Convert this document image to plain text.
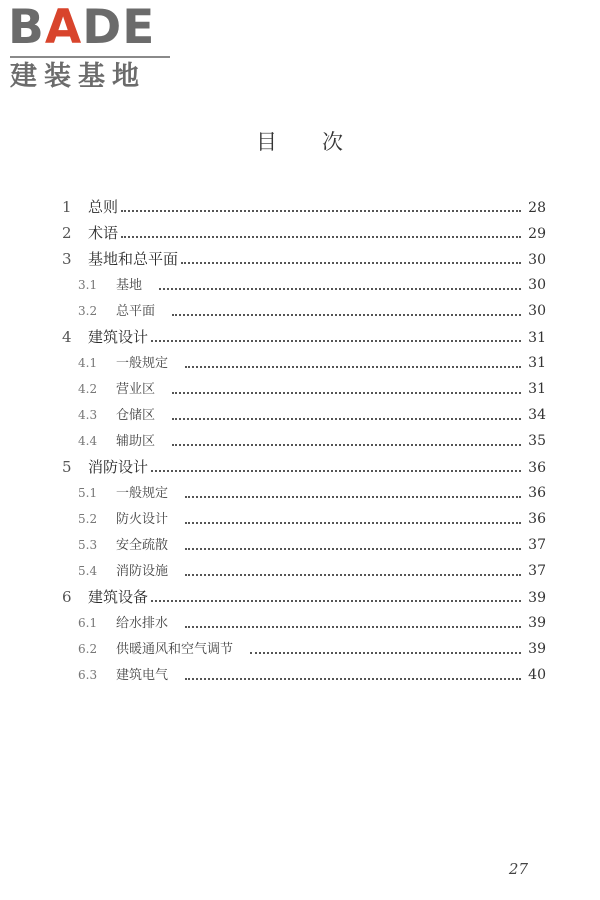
BADE
建装基地
目　　次
1	总则	28
2	术语	29
3	基地和总平面	30
3.1	基地	30
3.2	总平面	30
4	建筑设计	31
4.1	一般规定	31
4.2	营业区	31
4.3	仓储区	34
4.4	辅助区	35
5	消防设计	36
5.1	一般规定	36
5.2	防火设计	36
5.3	安全疏散	37
5.4	消防设施	37
6	建筑设备	39
6.1	给水排水	39
6.2	供暖通风和空气调节	39
6.3	建筑电气	40
27
